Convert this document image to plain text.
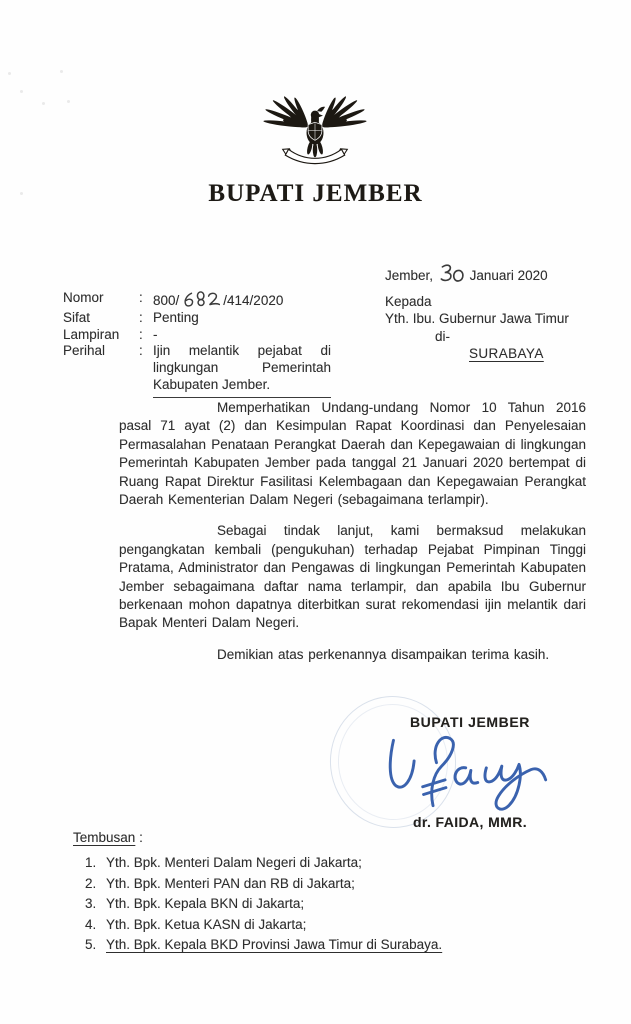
BUPATI JEMBER
Jember,	Januari 2020
Nomor	: 800/	/414/2020
Sifat	: Penting
Lampiran	: -
Perihal	: Ijin melantik pejabat di lingkungan Pemerintah Kabupaten Jember.
Kepada
Yth. Ibu. Gubernur Jawa Timur
di-
SURABAYA

Memperhatikan Undang-undang Nomor 10 Tahun 2016 pasal 71 ayat (2) dan Kesimpulan Rapat Koordinasi dan Penyelesaian Permasalahan Penataan Perangkat Daerah dan Kepegawaian di lingkungan Pemerintah Kabupaten Jember pada tanggal 21 Januari 2020 bertempat di Ruang Rapat Direktur Fasilitasi Kelembagaan dan Kepegawaian Perangkat Daerah Kementerian Dalam Negeri (sebagaimana terlampir).

Sebagai tindak lanjut, kami bermaksud melakukan pengangkatan kembali (pengukuhan) terhadap Pejabat Pimpinan Tinggi Pratama, Administrator dan Pengawas di lingkungan Pemerintah Kabupaten Jember sebagaimana daftar nama terlampir, dan apabila Ibu Gubernur berkenaan mohon dapatnya diterbitkan surat rekomendasi ijin melantik dari Bapak Menteri Dalam Negeri.

Demikian atas perkenannya disampaikan terima kasih.

BUPATI JEMBER
dr. FAIDA, MMR.
Tembusan :
1. Yth. Bpk. Menteri Dalam Negeri di Jakarta;
2. Yth. Bpk. Menteri PAN dan RB di Jakarta;
3. Yth. Bpk. Kepala BKN di Jakarta;
4. Yth. Bpk. Ketua KASN di Jakarta;
5. Yth. Bpk. Kepala BKD Provinsi Jawa Timur di Surabaya.
